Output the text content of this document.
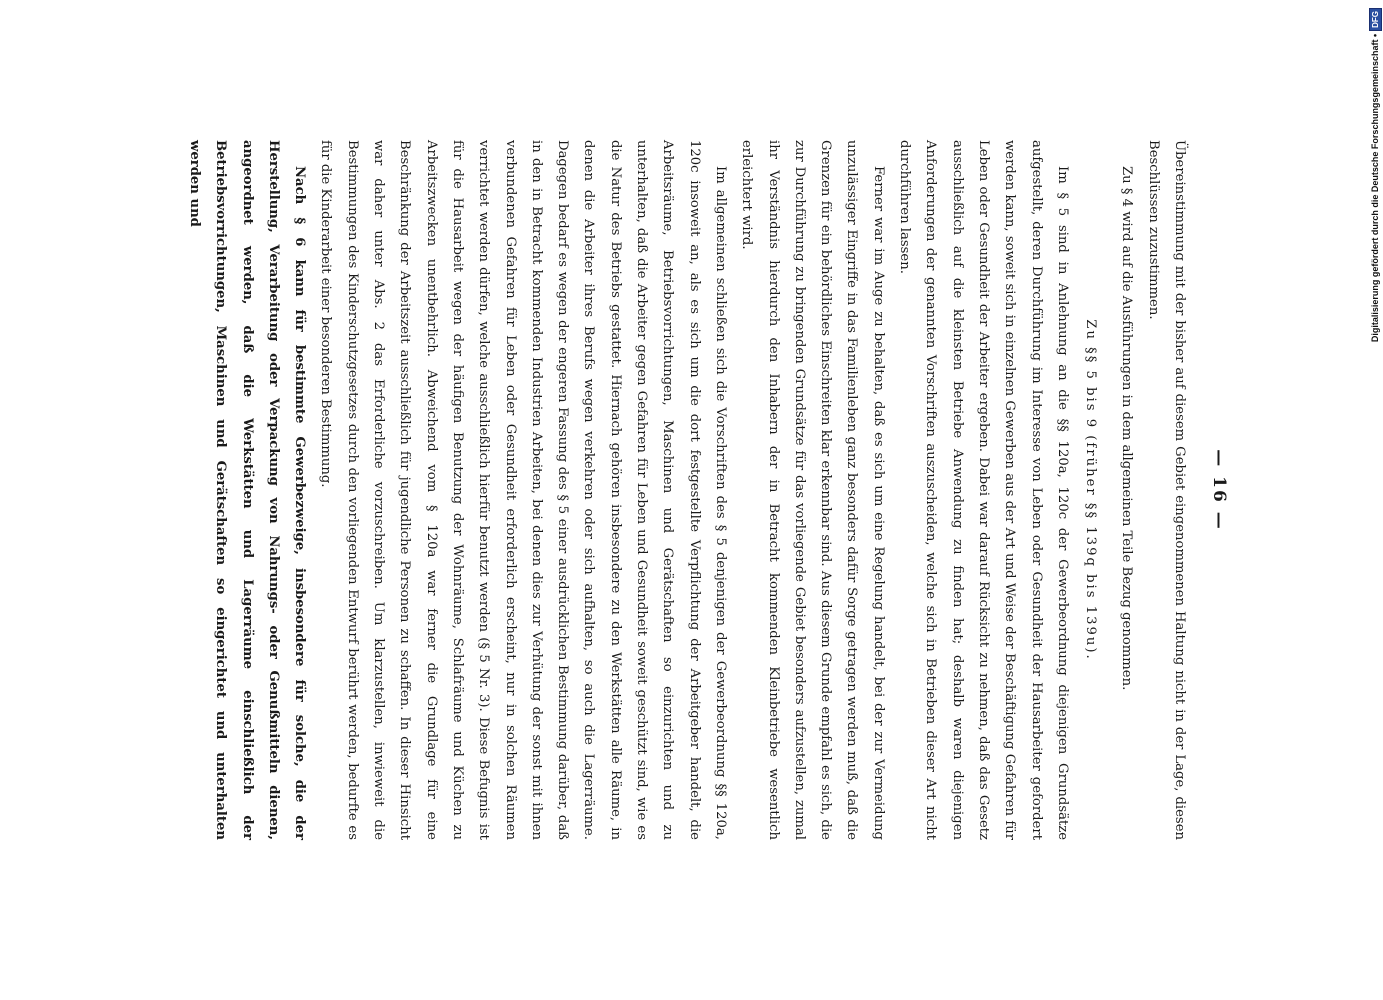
— 16 —

Übereinstimmung mit der bisher auf diesem Gebiet eingenommenen Haltung nicht in der Lage, diesen Beschlüssen zuzustimmen.

Zu § 4 wird auf die Ausführungen in dem allgemeinen Teile Bezug genommen.

Zu §§ 5 bis 9 (früher §§ 139q bis 139u).

Im § 5 sind in Anlehnung an die §§ 120a, 120c der Gewerbeordnung diejenigen Grundsätze aufgestellt, deren Durchführung im Interesse von Leben oder Gesundheit der Hausarbeiter gefordert werden kann, soweit sich in einzelnen Gewerben aus der Art und Weise der Beschäftigung Gefahren für Leben oder Gesundheit der Arbeiter ergeben. Dabei war darauf Rücksicht zu nehmen, daß das Gesetz ausschließlich auf die kleinsten Betriebe Anwendung zu finden hat; deshalb waren diejenigen Anforderungen der genannten Vorschriften auszuscheiden, welche sich in Betrieben dieser Art nicht durchführen lassen.

Ferner war im Auge zu behalten, daß es sich um eine Regelung handelt, bei der zur Vermeidung unzulässiger Eingriffe in das Familienleben ganz besonders dafür Sorge getragen werden muß, daß die Grenzen für ein behördliches Einschreiten klar erkennbar sind. Aus diesem Grunde empfahl es sich, die zur Durchführung zu bringenden Grundsätze für das vorliegende Gebiet besonders aufzustellen, zumal ihr Verständnis hierdurch den Inhabern der in Betracht kommenden Kleinbetriebe wesentlich erleichtert wird.

Im allgemeinen schließen sich die Vorschriften des § 5 denjenigen der Gewerbeordnung §§ 120a, 120c insoweit an, als es sich um die dort festgestellte Verpflichtung der Arbeitgeber handelt, die Arbeitsräume, Betriebsvorrichtungen, Maschinen und Gerätschaften so einzurichten und zu unterhalten, daß die Arbeiter gegen Gefahren für Leben und Gesundheit soweit geschützt sind, wie es die Natur des Betriebs gestattet. Hiernach gehören insbesondere zu den Werkstätten alle Räume, in denen die Arbeiter ihres Berufs wegen verkehren oder sich aufhalten, so auch die Lagerräume. Dagegen bedarf es wegen der engeren Fassung des § 5 einer ausdrücklichen Bestimmung darüber, daß in den in Betracht kommenden Industrien Arbeiten, bei denen dies zur Verhütung der sonst mit ihnen verbundenen Gefahren für Leben oder Gesundheit erforderlich erscheint, nur in solchen Räumen verrichtet werden dürfen, welche ausschließlich hierfür benutzt werden (§ 5 Nr. 3). Diese Befugnis ist für die Hausarbeit wegen der häufigen Benutzung der Wohnräume, Schlafräume und Küchen zu Arbeitszwecken unentbehrlich. Abweichend vom § 120a war ferner die Grundlage für eine Beschränkung der Arbeitszeit ausschließlich für jugendliche Personen zu schaffen. In dieser Hinsicht war daher unter Abs. 2 das Erforderliche vorzuschreiben. Um klarzustellen, inwieweit die Bestimmungen des Kinderschutzgesetzes durch den vorliegenden Entwurf berührt werden, bedurfte es für die Kinderarbeit einer besonderen Bestimmung.

Nach § 6 kann für bestimmte Gewerbezweige, insbesondere für solche, die der Herstellung, Verarbeitung oder Verpackung von Nahrungs- oder Genußmitteln dienen, angeordnet werden, daß die Werkstätten und Lagerräume einschließlich der Betriebsvorrichtungen, Maschinen und Gerätschaften so eingerichtet und unterhalten werden und	Digitalisierung gefördert durch die Deutsche Forschungsgemeinschaft •
DFG
